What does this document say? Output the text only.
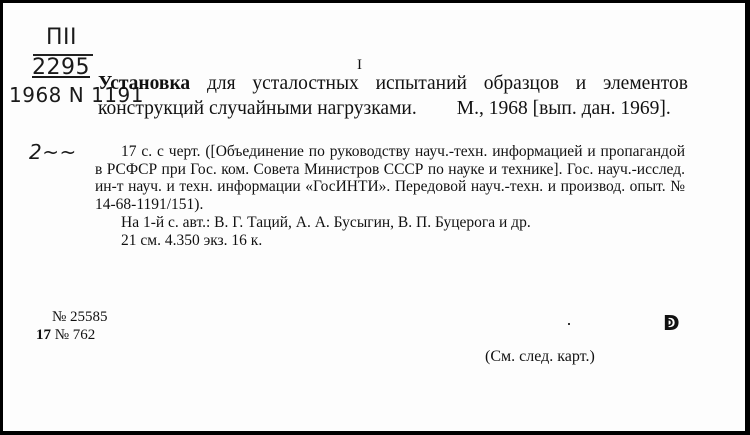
ПII
2295
1968 N 1191
2~~
I
Установка для усталостных испытаний образцов и элементов конструкций случайными нагрузками. М., 1968 [вып. дан. 1969].

17 с. с черт. ([Объединение по руководству науч.-техн. информацией и пропагандой в РСФСР при Гос. ком. Совета Министров СССР по науке и технике]. Гос. науч.-исслед. ин-т науч. и техн. информации «ГосИНТИ». Передовой науч.-техн. и производ. опыт. № 14-68-1191/151).

На 1-й с. авт.: В. Г. Таций, А. А. Бусыгин, В. П. Буцерога и др.

21 см. 4.350 экз. 16 к.

№ 25585
17 № 762	ↁ
(См. след. карт.)
